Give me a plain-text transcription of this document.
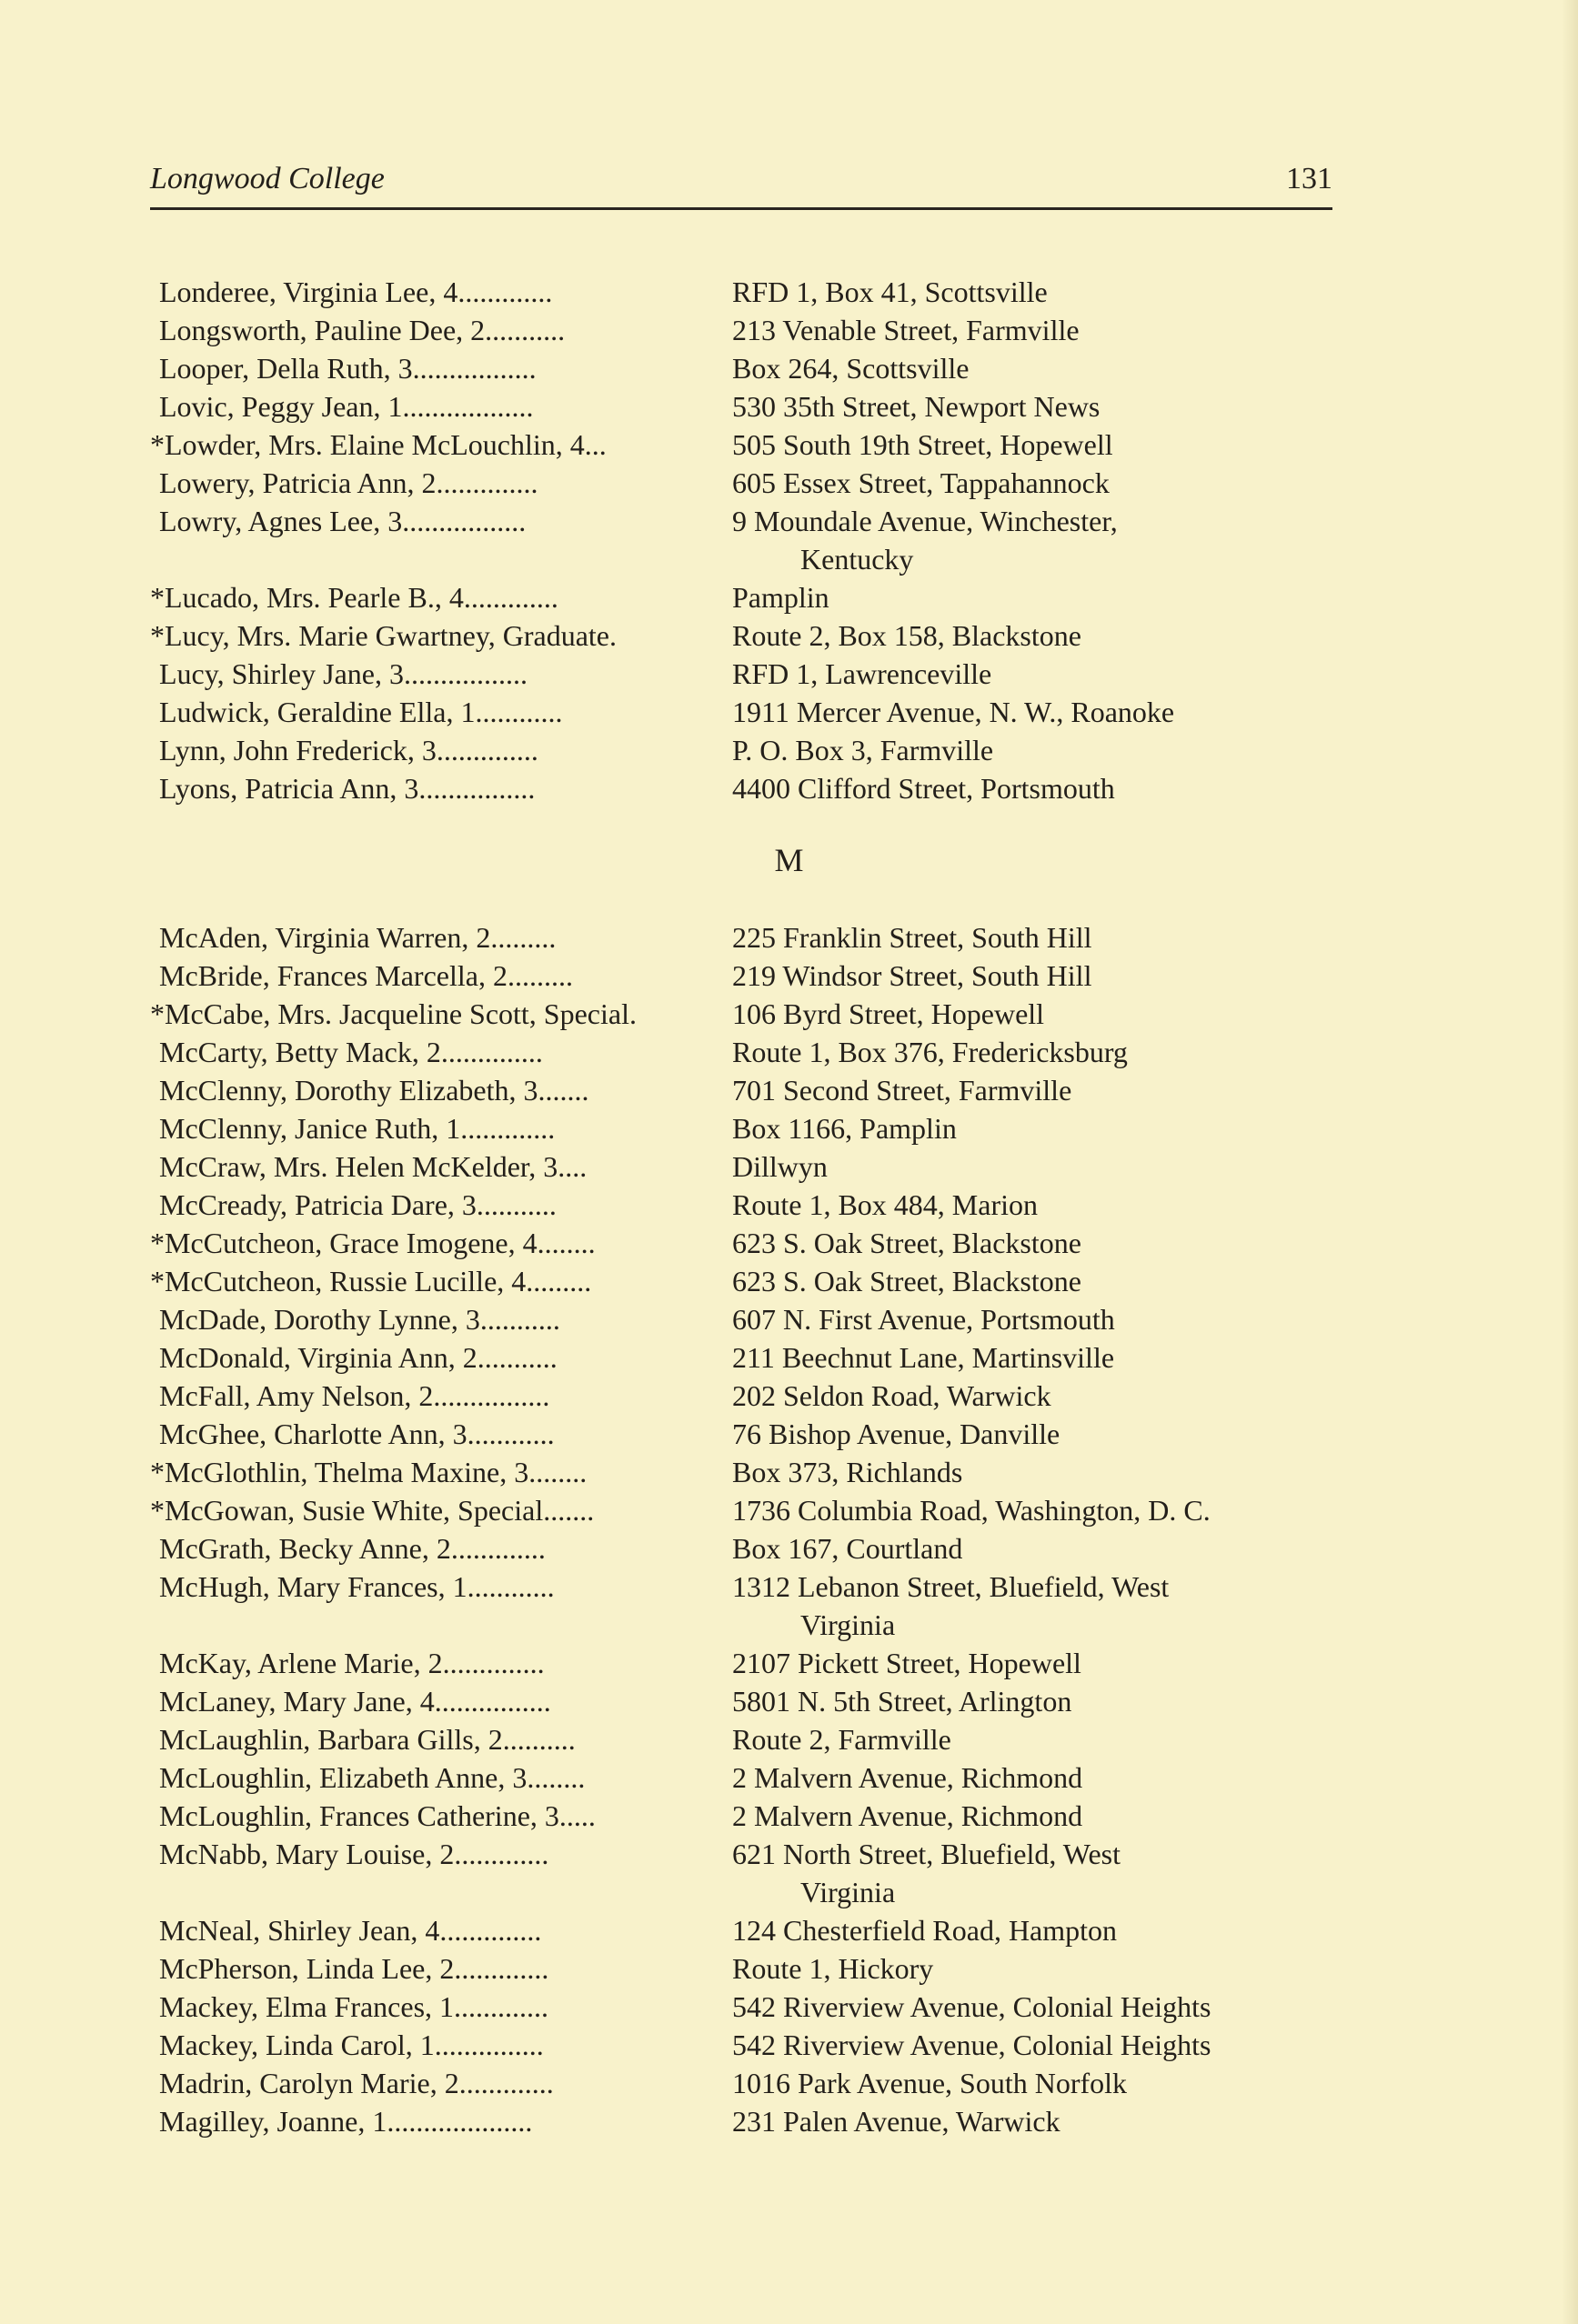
Longwood College	131
M
Londeree, Virginia Lee, 4.............	RFD 1, Box 41, Scottsville
Longsworth, Pauline Dee, 2...........	213 Venable Street, Farmville
Looper, Della Ruth, 3.................	Box 264, Scottsville
Lovic, Peggy Jean, 1..................	530 35th Street, Newport News
*Lowder, Mrs. Elaine McLouchlin, 4...	505 South 19th Street, Hopewell
Lowery, Patricia Ann, 2..............	605 Essex Street, Tappahannock
Lowry, Agnes Lee, 3.................	9 Moundale Avenue, Winchester,
Kentucky
*Lucado, Mrs. Pearle B., 4.............	Pamplin
*Lucy, Mrs. Marie Gwartney, Graduate.	Route 2, Box 158, Blackstone
Lucy, Shirley Jane, 3.................	RFD 1, Lawrenceville
Ludwick, Geraldine Ella, 1............	1911 Mercer Avenue, N. W., Roanoke
Lynn, John Frederick, 3..............	P. O. Box 3, Farmville
Lyons, Patricia Ann, 3................	4400 Clifford Street, Portsmouth
McAden, Virginia Warren, 2.........	225 Franklin Street, South Hill
McBride, Frances Marcella, 2.........	219 Windsor Street, South Hill
*McCabe, Mrs. Jacqueline Scott, Special.	106 Byrd Street, Hopewell
McCarty, Betty Mack, 2..............	Route 1, Box 376, Fredericksburg
McClenny, Dorothy Elizabeth, 3.......	701 Second Street, Farmville
McClenny, Janice Ruth, 1.............	Box 1166, Pamplin
McCraw, Mrs. Helen McKelder, 3....	Dillwyn
McCready, Patricia Dare, 3...........	Route 1, Box 484, Marion
*McCutcheon, Grace Imogene, 4........	623 S. Oak Street, Blackstone
*McCutcheon, Russie Lucille, 4.........	623 S. Oak Street, Blackstone
McDade, Dorothy Lynne, 3...........	607 N. First Avenue, Portsmouth
McDonald, Virginia Ann, 2...........	211 Beechnut Lane, Martinsville
McFall, Amy Nelson, 2................	202 Seldon Road, Warwick
McGhee, Charlotte Ann, 3............	76 Bishop Avenue, Danville
*McGlothlin, Thelma Maxine, 3........	Box 373, Richlands
*McGowan, Susie White, Special.......	1736 Columbia Road, Washington, D. C.
McGrath, Becky Anne, 2.............	Box 167, Courtland
McHugh, Mary Frances, 1............	1312 Lebanon Street, Bluefield, West
Virginia
McKay, Arlene Marie, 2..............	2107 Pickett Street, Hopewell
McLaney, Mary Jane, 4................	5801 N. 5th Street, Arlington
McLaughlin, Barbara Gills, 2..........	Route 2, Farmville
McLoughlin, Elizabeth Anne, 3........	2 Malvern Avenue, Richmond
McLoughlin, Frances Catherine, 3.....	2 Malvern Avenue, Richmond
McNabb, Mary Louise, 2.............	621 North Street, Bluefield, West
Virginia
McNeal, Shirley Jean, 4..............	124 Chesterfield Road, Hampton
McPherson, Linda Lee, 2.............	Route 1, Hickory
Mackey, Elma Frances, 1.............	542 Riverview Avenue, Colonial Heights
Mackey, Linda Carol, 1...............	542 Riverview Avenue, Colonial Heights
Madrin, Carolyn Marie, 2.............	1016 Park Avenue, South Norfolk
Magilley, Joanne, 1....................	231 Palen Avenue, Warwick
